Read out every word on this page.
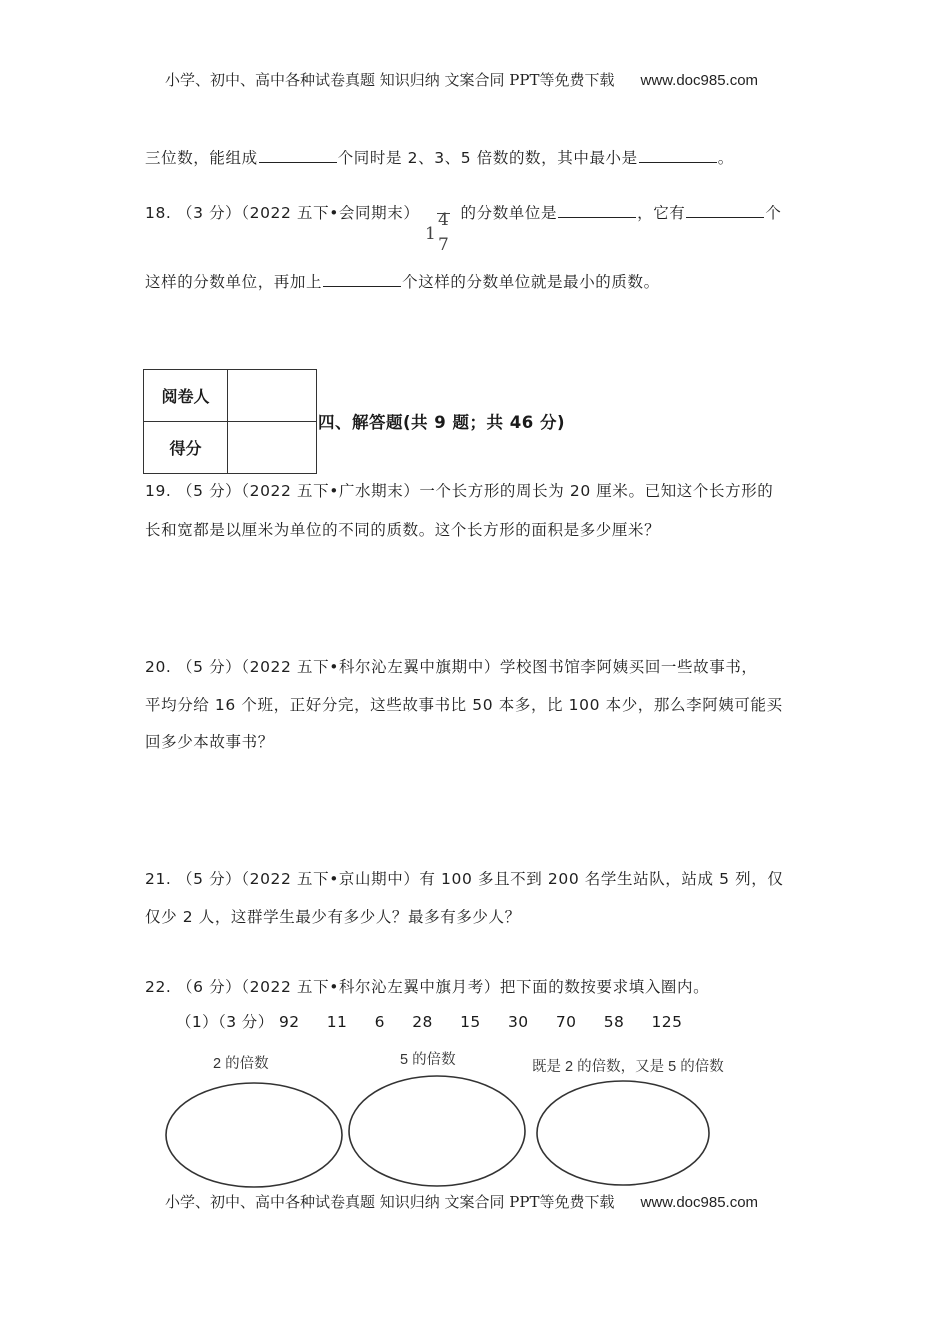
小学、初中、高中各种试卷真题 知识归纳 文案合同 PPT等免费下载 www.doc985.com
三位数，能组成	个同时是 2、3、5 倍数的数，其中最小是	。
18. （3 分）（2022 五下•会同期末）
1
4
7
的分数单位是	，它有	个
这样的分数单位，再加上	个这样的分数单位就是最小的质数。
阅卷人	
得分	
四、解答题(共 9 题；共 46 分)
19. （5 分）（2022 五下•广水期末）一个长方形的周长为 20 厘米。已知这个长方形的
长和宽都是以厘米为单位的不同的质数。这个长方形的面积是多少厘米？
20. （5 分）（2022 五下•科尔沁左翼中旗期中）学校图书馆李阿姨买回一些故事书，
平均分给 16 个班，正好分完，这些故事书比 50 本多，比 100 本少，那么李阿姨可能买
回多少本故事书？
21. （5 分）（2022 五下•京山期中）有 100 多且不到 200 名学生站队，站成 5 列，仅
仅少 2 人，这群学生最少有多少人？最多有多少人？
22. （6 分）（2022 五下•科尔沁左翼中旗月考）把下面的数按要求填入圈内。
（1）（3 分） 92 11 6 28 15 30 70 58 125
2 的倍数	5 的倍数	既是 2 的倍数，又是 5 的倍数
小学、初中、高中各种试卷真题 知识归纳 文案合同 PPT等免费下载 www.doc985.com
